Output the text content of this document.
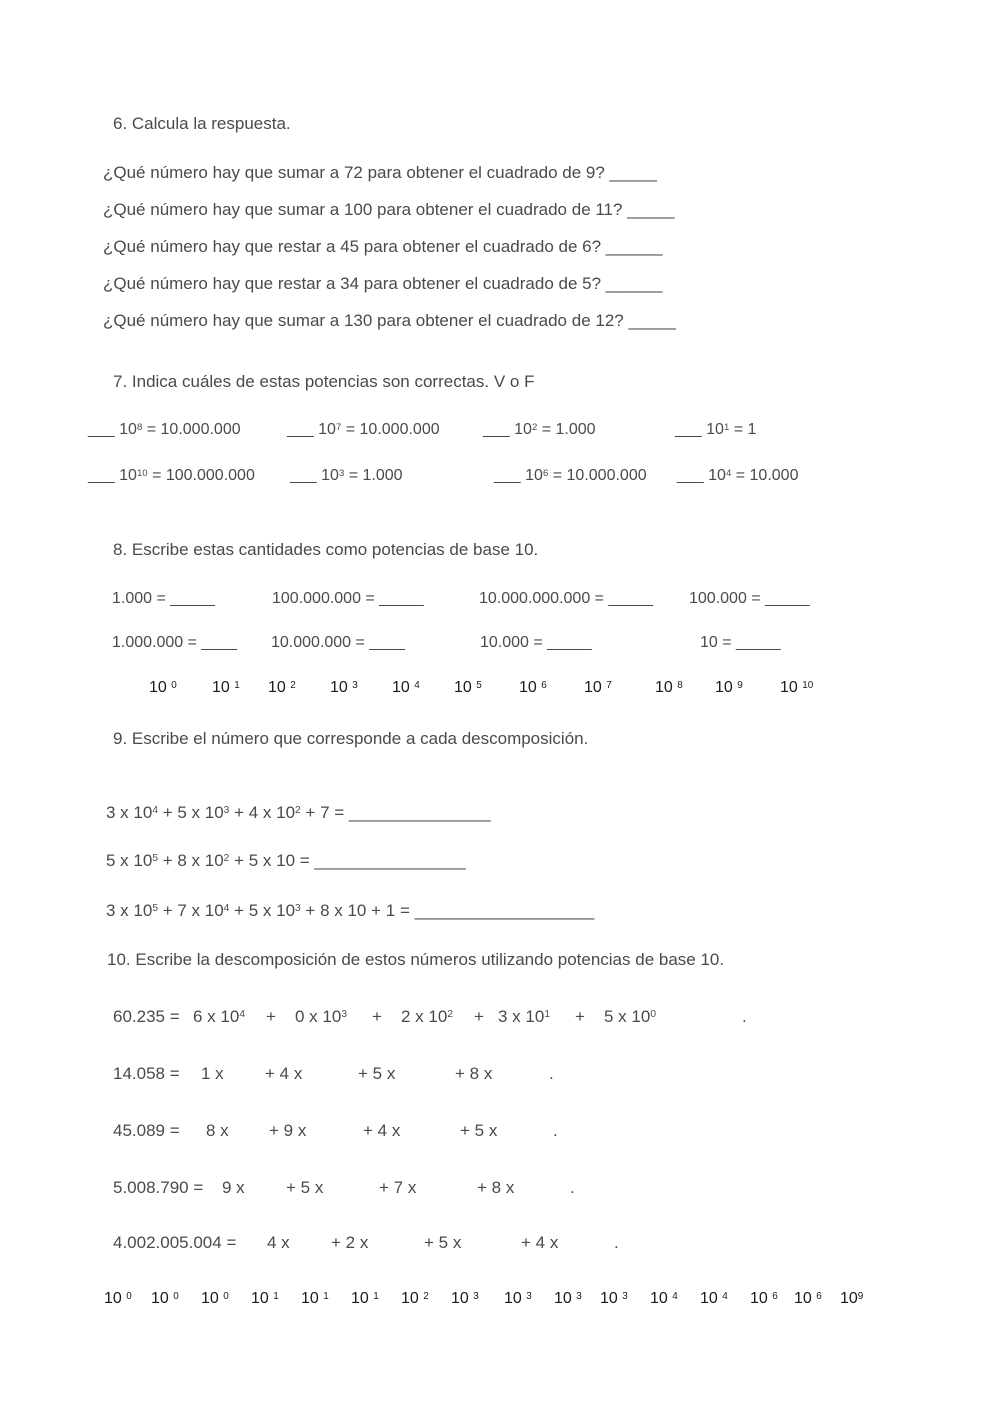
6. Calcula la respuesta.
¿Qué número hay que sumar a 72 para obtener el cuadrado de 9? _____
¿Qué número hay que sumar a 100 para obtener el cuadrado de 11? _____
¿Qué número hay que restar a 45 para obtener el cuadrado de 6? ______
¿Qué número hay que restar a 34 para obtener el cuadrado de 5? ______
¿Qué número hay que sumar a 130 para obtener el cuadrado de 12? _____
7. Indica cuáles de estas potencias son correctas. V o F
___ $10^8 = 10.000.000$	___ $10^7 = 10.000.000$	___ $10^2 = 1.000$	___ $10^1 = 1$
___ $10^{10} = 100.000.000$ ___ $10^3 = 1.000$	___ $10^6 = 10.000.000$ ___ $10^4 = 10.000$
8. Escribe estas cantidades como potencias de base 10.
1.000 = _____	100.000.000 = _____	10.000.000.000 = _____ 100.000 = _____
1.000.000 = ____ 10.000.000 = ____	10.000 = _____	10 = _____
10 $^0$ 10 $^1$ 10 $^2$ 10 $^3$ 10 $^4$ 10 $^5$ 10 $^6$ 10 $^7$	10 $^8$ 10 $^9$ 10 $^{10}$
9. Escribe el número que corresponde a cada descomposición.
3 x $10^4 + 5$ x $10^3 + 4$ x $10^2 + 7$ = _______________
5 x $10^5 + 8$ x $10^2 + 5$ x 10 = ________________
3 x $10^5 + 7$ x $10^4 + 5$ x $10^3 + 8$ x 10 + 1 = ___________________
10. Escribe la descomposición de estos números utilizando potencias de base 10.
60.235 = 6 x $10^4 + 0$ x $10^3 + 2$ x $10^2 + 3$ x $10^1 + 5$ x $10^0$	.
14.058 = 1 x + 4 x	+ 5 x	+ 8 x	.
45.089 = 8 x + 9 x	+ 4 x	+ 5 x	.
5.008.790 = 9 x + 5 x	+ 7 x	+ 8 x	.
4.002.005.004 = 4 x + 2 x	+ 5 x	+ 4 x	.
10 $^0$ 10 $^0$ 10 $^0$ 10 $^1$ 10 $^1$ 10 $^1$ 10 $^2$ 10 $^3$ 10 $^3$ 10 $^3$ 10 $^3$ 10 $^4$ 10 $^4$ 10 $^6$ 10 $^6$ $10^9$
